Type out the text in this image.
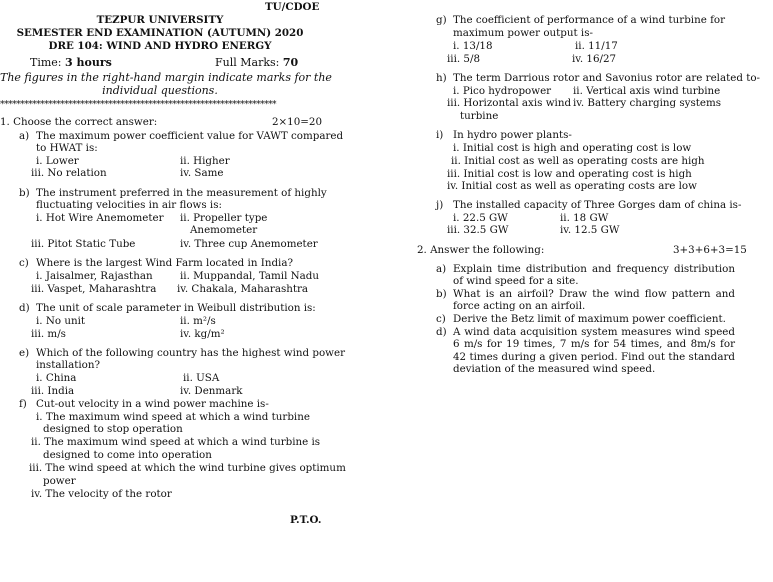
TU/CDOE
TEZPUR UNIVERSITY
SEMESTER END EXAMINATION (AUTUMN) 2020
DRE 104: WIND AND HYDRO ENERGY
Time: 3 hours	Full Marks: 70
The figures in the right-hand margin indicate marks for the
individual questions.
*********************************************************************
1. Choose the correct answer:	2×10=20
a) The maximum power coefficient value for VAWT compared
to HWAT is:
i. Lower	ii. Higher
iii. No relation	iv. Same
b) The instrument preferred in the measurement of highly
fluctuating velocities in air flows is:
i. Hot Wire Anemometer ii. Propeller type
Anemometer
iii. Pitot Static Tube	iv. Three cup Anemometer
c) Where is the largest Wind Farm located in India?
i. Jaisalmer, Rajasthan	ii. Muppandal, Tamil Nadu
iii. Vaspet, Maharashtra iv. Chakala, Maharashtra
d) The unit of scale parameter in Weibull distribution is:
i. No unit	ii. m²/s
iii. m/s	iv. kg/m²
e) Which of the following country has the highest wind power
installation?
i. China	ii. USA
iii. India	iv. Denmark
f) Cut-out velocity in a wind power machine is-
i. The maximum wind speed at which a wind turbine
designed to stop operation
ii. The maximum wind speed at which a wind turbine is
designed to come into operation
iii. The wind speed at which the wind turbine gives optimum
power
iv. The velocity of the rotor
P.T.O.
g) The coefficient of performance of a wind turbine for
maximum power output is-
i. 13/18	ii. 11/17
iii. 5/8	iv. 16/27
h) The term Darrious rotor and Savonius rotor are related to-
i. Pico hydropower ii. Vertical axis wind turbine
iii. Horizontal axis wind
turbine
iv. Battery charging systems
i) In hydro power plants-
i. Initial cost is high and operating cost is low
ii. Initial cost as well as operating costs are high
iii. Initial cost is low and operating cost is high
iv. Initial cost as well as operating costs are low
j) The installed capacity of Three Gorges dam of china is-
i. 22.5 GW	ii. 18 GW
iii. 32.5 GW	iv. 12.5 GW
2. Answer the following:	3+3+6+3=15
a) Explain time distribution and frequency distribution of wind speed for a site.
b) What is an airfoil? Draw the wind flow pattern and force acting on an airfoil.
c) Derive the Betz limit of maximum power coefficient.
d) A wind data acquisition system measures wind speed 6 m/s for 19 times, 7 m/s for 54 times, and 8m/s for 42 times during a given period. Find out the standard deviation of the measured wind speed.
